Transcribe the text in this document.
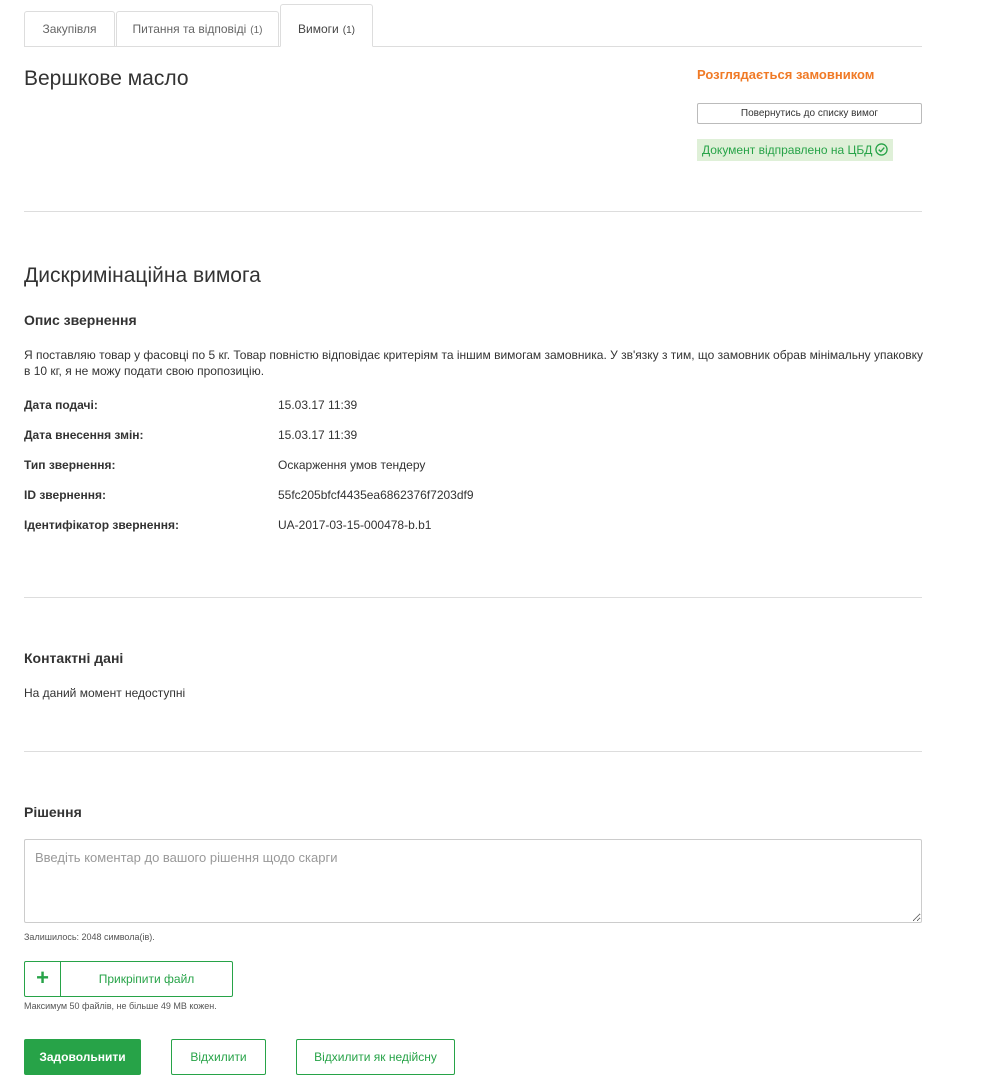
Закупівля	Питання та відповіді (1)	Вимоги (1)
Вершкове масло	Розглядається замовником
Повернутись до списку вимог
Документ відправлено на ЦБД
Дискримінаційна вимога
Опис звернення
Я поставляю товар у фасовці по 5 кг. Товар повністю відповідає критеріям та іншим вимогам замовника. У зв'язку з тим, що замовник обрав мінімальну упаковку в 10 кг, я не можу подати свою пропозицію.
Дата подачі:	15.03.17 11:39
Дата внесення змін:	15.03.17 11:39
Тип звернення:	Оскарження умов тендеру
ID звернення:	55fc205bfcf4435ea6862376f7203df9
Ідентифікатор звернення:	UA-2017-03-15-000478-b.b1
Контактні дані
На даний момент недоступні
Рішення
Введіть коментар до вашого рішення щодо скарги
Залишилось: 2048 символа(ів).
+	Прикріпити файл
Максимум 50 файлів, не більше 49 MB кожен.
Задовольнити	Відхилити	Відхилити як недійсну
